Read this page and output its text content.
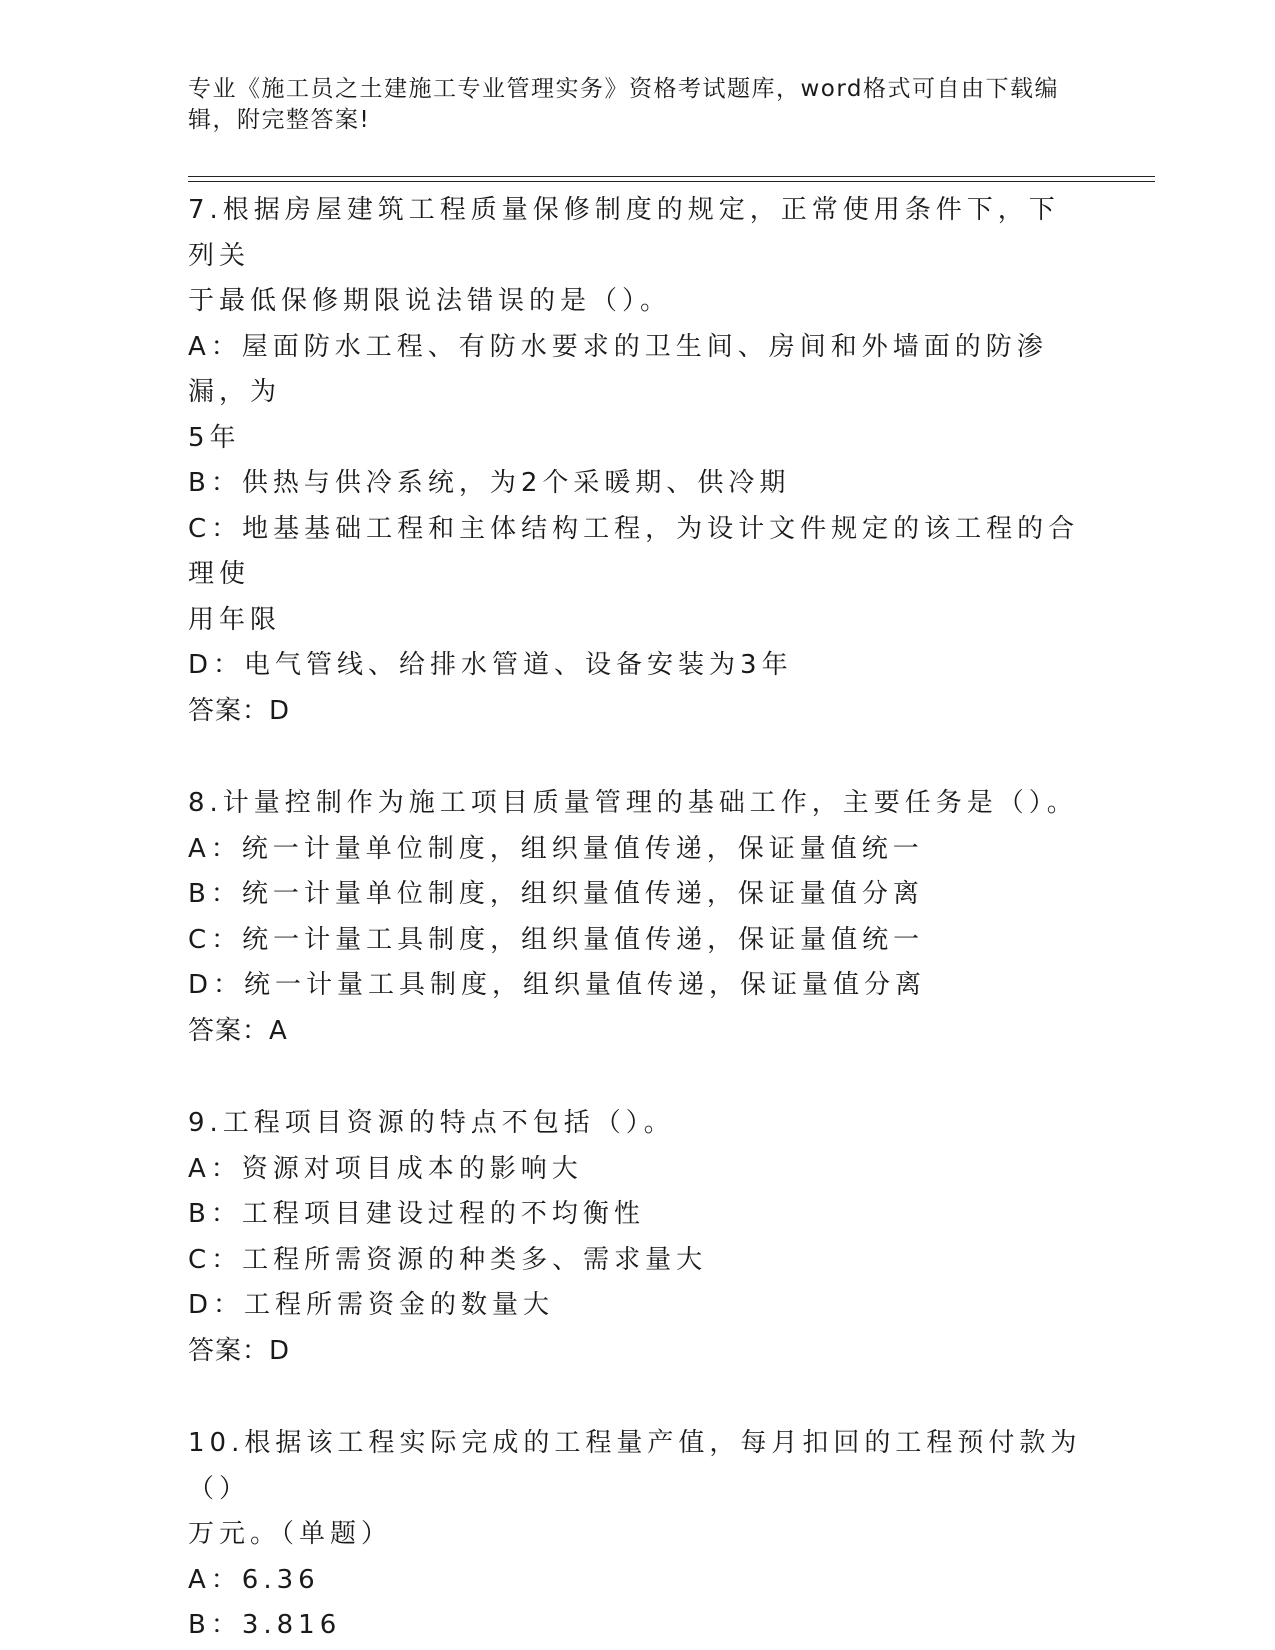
专业《施工员之土建施工专业管理实务》资格考试题库，word格式可自由下载编辑，附完整答案!

7.根据房屋建筑工程质量保修制度的规定，正常使用条件下，下列关

于最低保修期限说法错误的是（）。

A：屋面防水工程、有防水要求的卫生间、房间和外墙面的防渗漏，为

5年

B：供热与供冷系统，为2个采暖期、供冷期

C：地基基础工程和主体结构工程，为设计文件规定的该工程的合理使

用年限

D：电气管线、给排水管道、设备安装为3年

答案：D

8.计量控制作为施工项目质量管理的基础工作，主要任务是（）。

A：统一计量单位制度，组织量值传递，保证量值统一

B：统一计量单位制度，组织量值传递，保证量值分离

C：统一计量工具制度，组织量值传递，保证量值统一

D：统一计量工具制度，组织量值传递，保证量值分离

答案：A

9.工程项目资源的特点不包括（）。

A：资源对项目成本的影响大

B：工程项目建设过程的不均衡性

C：工程所需资源的种类多、需求量大

D：工程所需资金的数量大

答案：D

10.根据该工程实际完成的工程量产值，每月扣回的工程预付款为（）

万元。（单题）

A：6.36

B：3.816
